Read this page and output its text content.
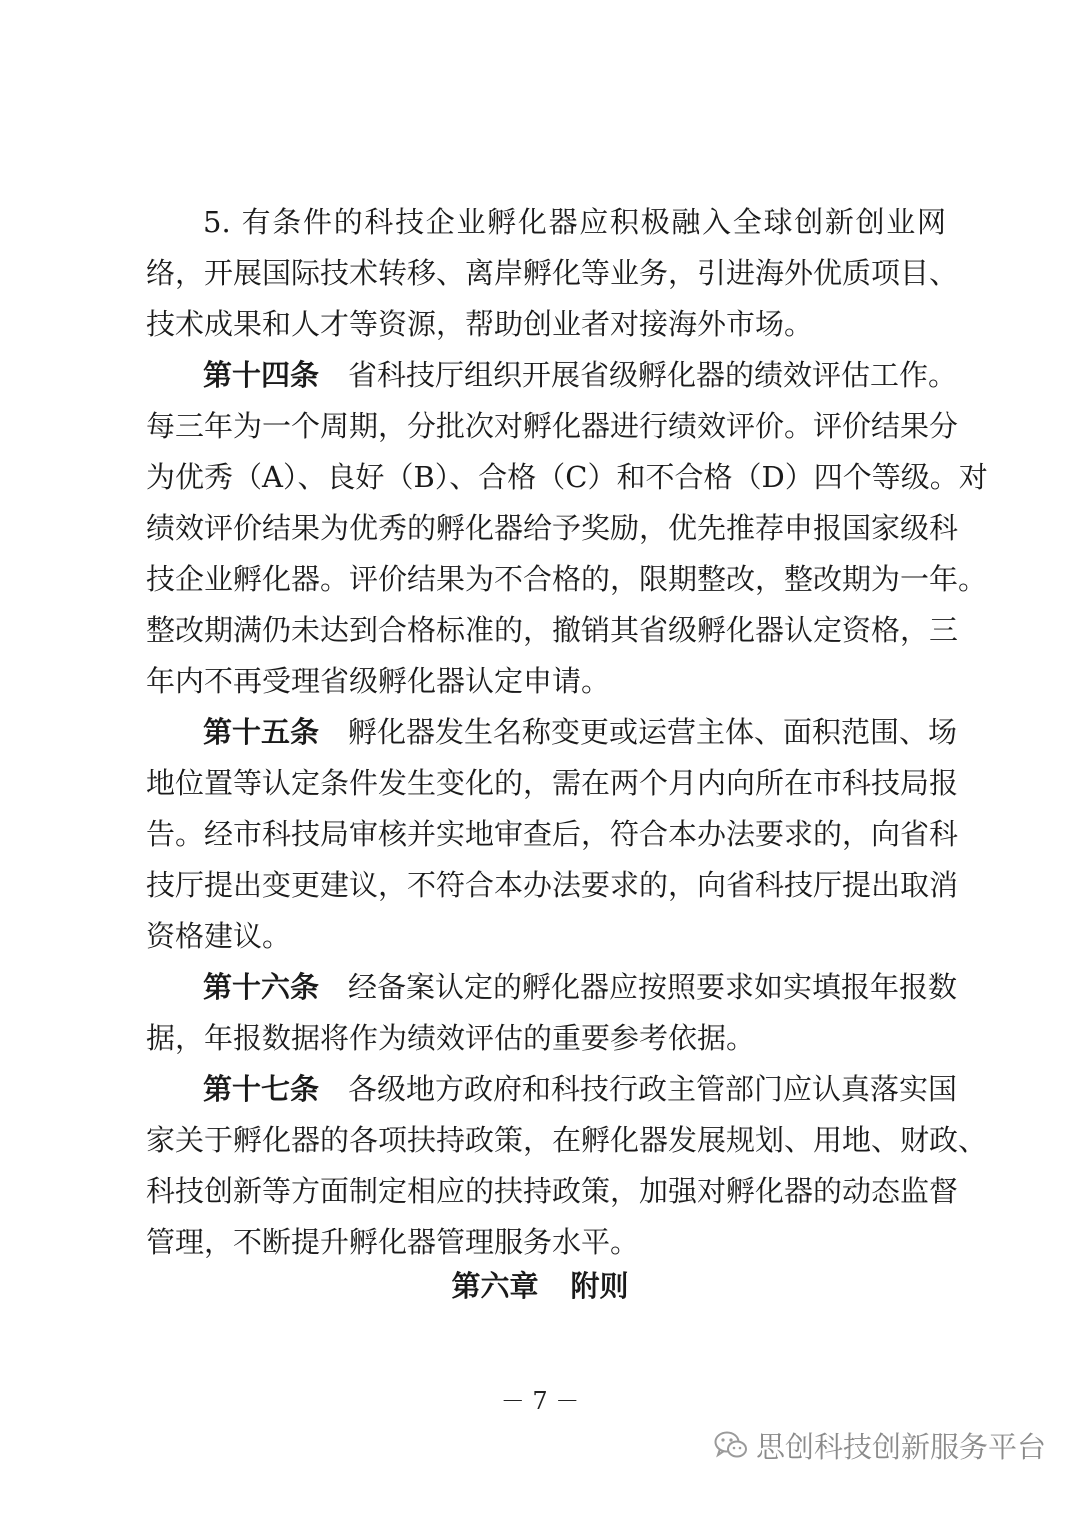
5. 有条件的科技企业孵化器应积极融入全球创新创业网
络，开展国际技术转移、离岸孵化等业务，引进海外优质项目、
技术成果和人才等资源，帮助创业者对接海外市场。
第十四条  省科技厅组织开展省级孵化器的绩效评估工作。
每三年为一个周期，分批次对孵化器进行绩效评价。评价结果分
为优秀（A）、良好（B）、合格（C）和不合格（D）四个等级。对
绩效评价结果为优秀的孵化器给予奖励，优先推荐申报国家级科
技企业孵化器。评价结果为不合格的，限期整改，整改期为一年。
整改期满仍未达到合格标准的，撤销其省级孵化器认定资格，三
年内不再受理省级孵化器认定申请。
第十五条  孵化器发生名称变更或运营主体、面积范围、场
地位置等认定条件发生变化的，需在两个月内向所在市科技局报
告。经市科技局审核并实地审查后，符合本办法要求的，向省科
技厅提出变更建议，不符合本办法要求的，向省科技厅提出取消
资格建议。
第十六条  经备案认定的孵化器应按照要求如实填报年报数
据，年报数据将作为绩效评估的重要参考依据。
第十七条  各级地方政府和科技行政主管部门应认真落实国
家关于孵化器的各项扶持政策，在孵化器发展规划、用地、财政、
科技创新等方面制定相应的扶持政策，加强对孵化器的动态监督
管理，不断提升孵化器管理服务水平。
第六章 附则
－ 7 －
思创科技创新服务平台
